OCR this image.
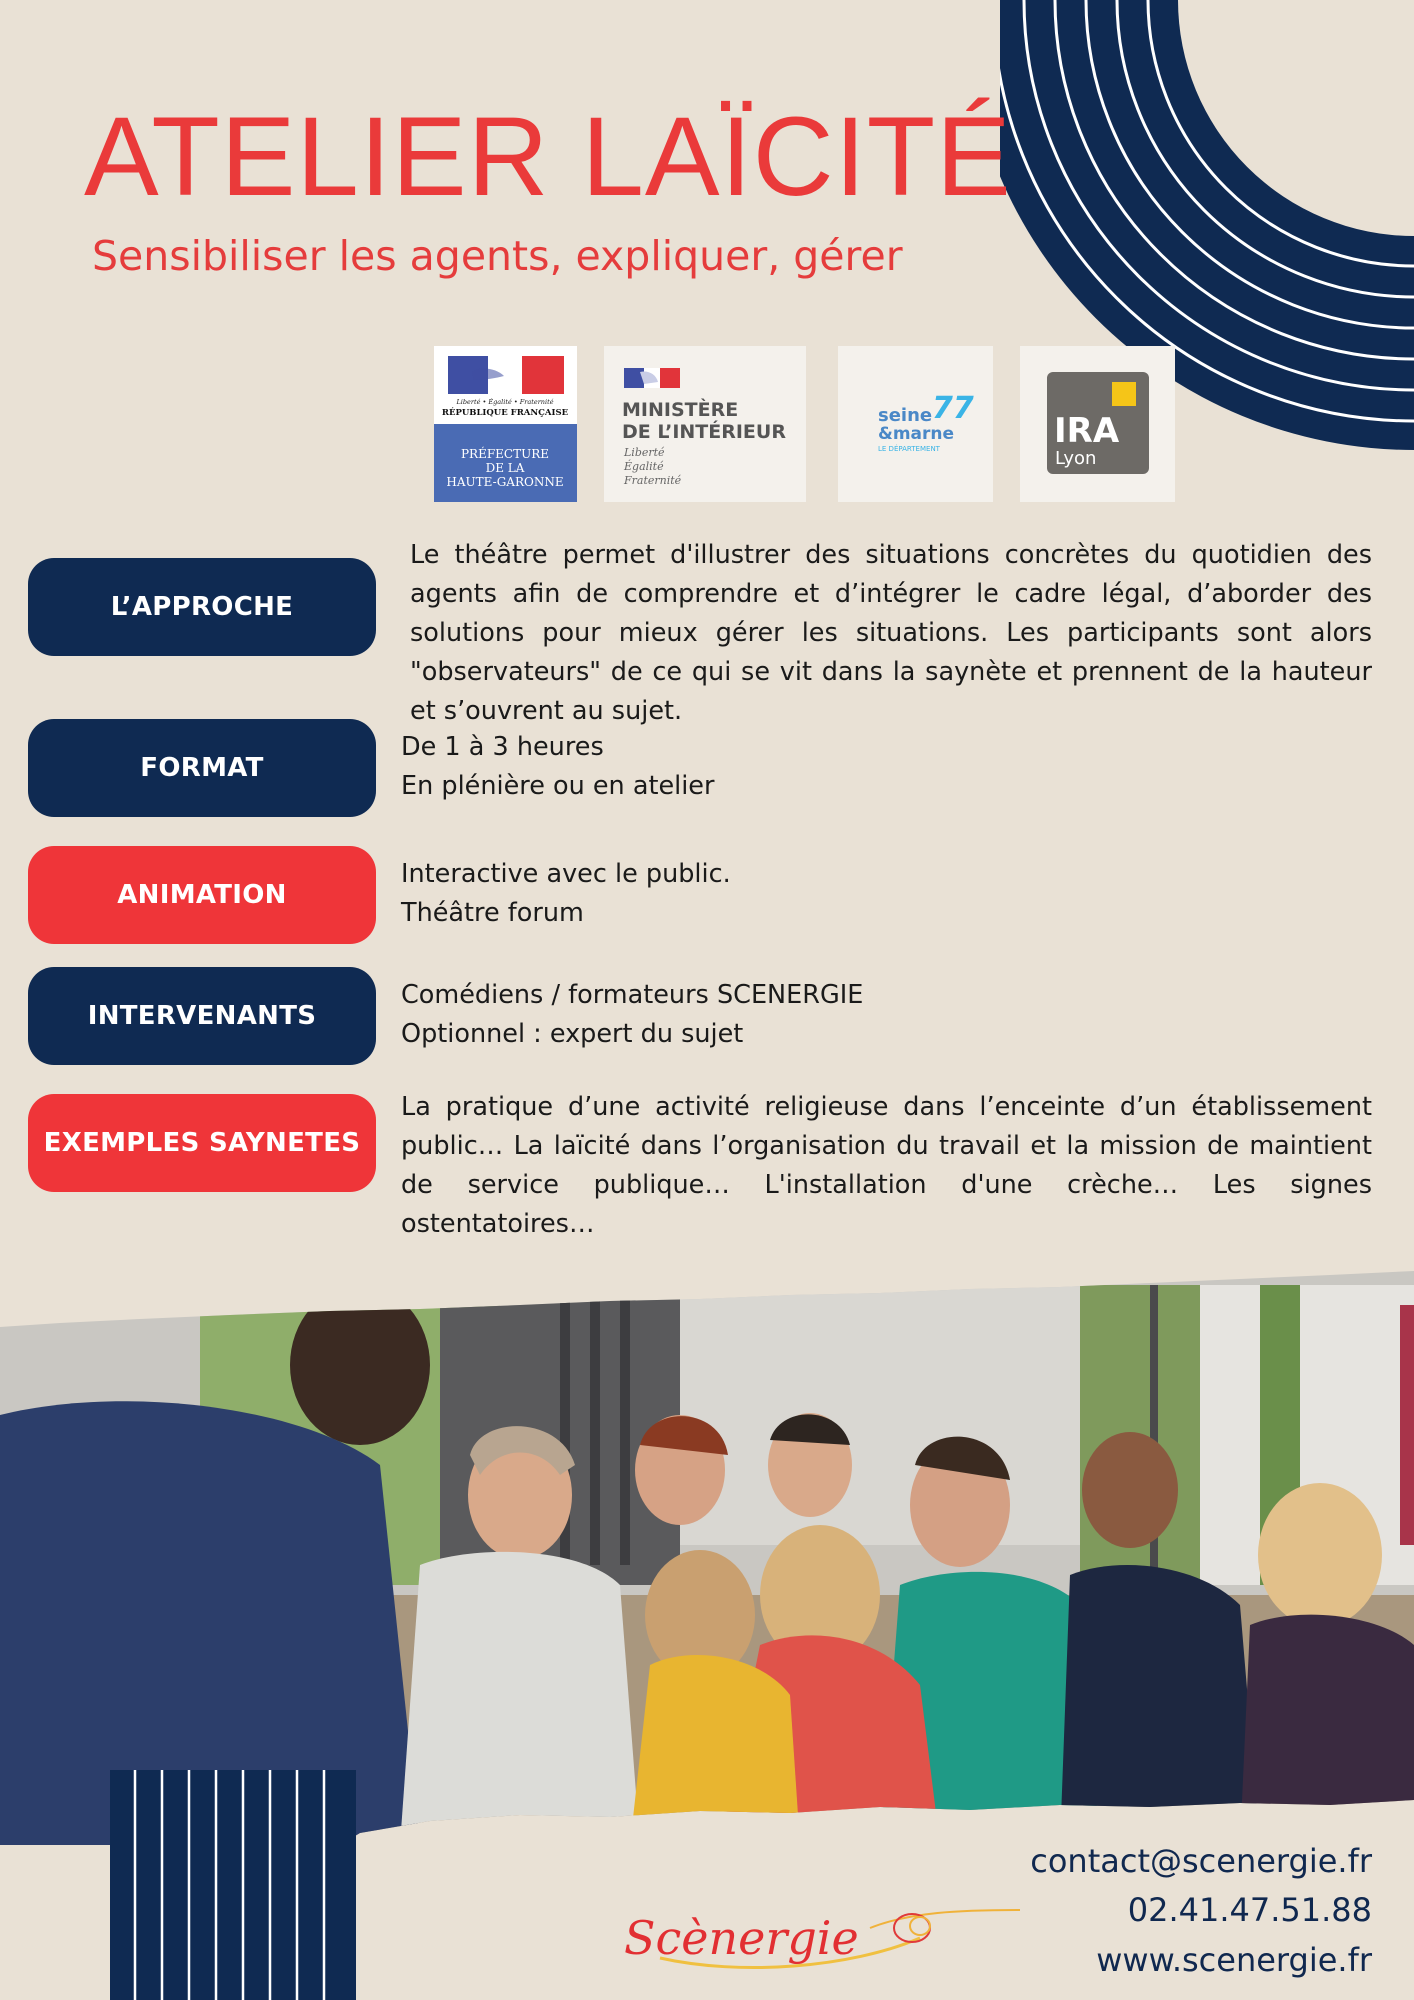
ATELIER LAÏCITÉ
Sensibiliser les agents, expliquer, gérer
Liberté • Égalité • Fraternité
RÉPUBLIQUE FRANÇAISE
PRÉFECTURE
DE LA
HAUTE-GARONNE
MINISTÈRE
DE L’INTÉRIEUR
Liberté
Égalité
Fraternité
seine 77
&marne
LE DÉPARTEMENT	IRA
Lyon
L’APPROCHE

Le théâtre permet d'illustrer des situations concrètes du quotidien des agents afin de comprendre et d’intégrer le cadre légal, d’aborder des solutions pour mieux gérer les situations. Les participants sont alors "observateurs" de ce qui se vit dans la saynète et prennent de la hauteur et s’ouvrent au sujet.

FORMAT

De 1 à 3 heures

En plénière ou en atelier

ANIMATION

Interactive avec le public.

Théâtre forum

INTERVENANTS

Comédiens / formateurs SCENERGIE

Optionnel : expert du sujet

EXEMPLES SAYNETES

La pratique d’une activité religieuse dans l’enceinte d’un établissement public… La laïcité dans l’organisation du travail et la mission de maintient de service publique… L'installation d'une crèche… Les signes ostentatoires…

Scènergie
contact@scenergie.fr
02.41.47.51.88
www.scenergie.fr
